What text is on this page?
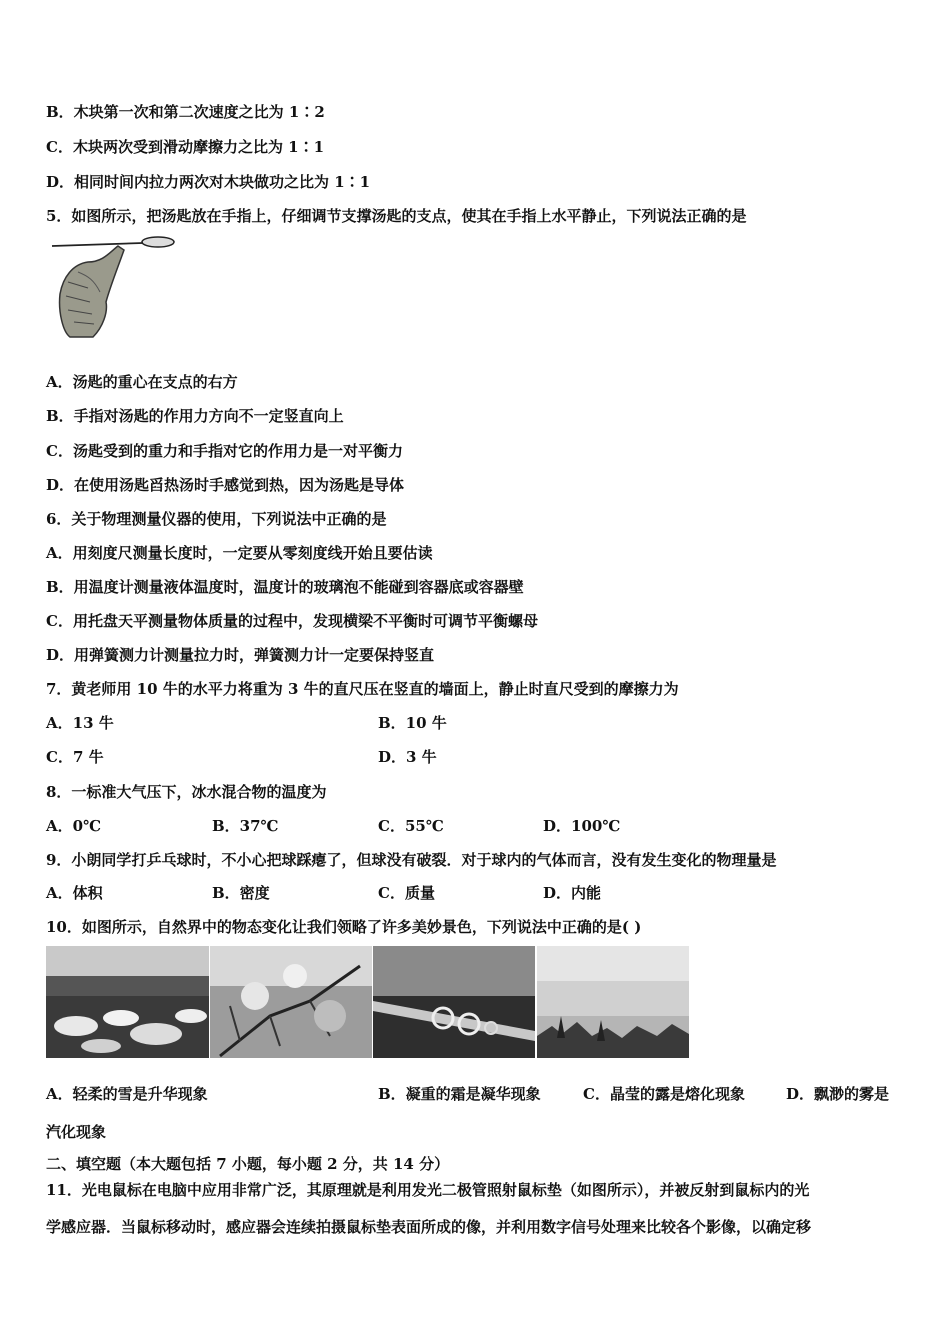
B．木块第一次和第二次速度之比为 1∶2
C．木块两次受到滑动摩擦力之比为 1∶1
D．相同时间内拉力两次对木块做功之比为 1∶1
5．如图所示，把汤匙放在手指上，仔细调节支撑汤匙的支点，使其在手指上水平静止，下列说法正确的是
A．汤匙的重心在支点的右方
B．手指对汤匙的作用力方向不一定竖直向上
C．汤匙受到的重力和手指对它的作用力是一对平衡力
D．在使用汤匙舀热汤时手感觉到热，因为汤匙是导体
6．关于物理测量仪器的使用，下列说法中正确的是
A．用刻度尺测量长度时，一定要从零刻度线开始且要估读
B．用温度计测量液体温度时，温度计的玻璃泡不能碰到容器底或容器壁
C．用托盘天平测量物体质量的过程中，发现横梁不平衡时可调节平衡螺母
D．用弹簧测力计测量拉力时，弹簧测力计一定要保持竖直
7．黄老师用 10 牛的水平力将重为 3 牛的直尺压在竖直的墙面上，静止时直尺受到的摩擦力为
A．13 牛	B．10 牛
C．7 牛	D．3 牛
8．一标准大气压下，冰水混合物的温度为
A．0℃	B．37℃	C．55℃	D．100℃
9．小朗同学打乒乓球时，不小心把球踩瘪了，但球没有破裂．对于球内的气体而言，没有发生变化的物理量是
A．体积	B．密度	C．质量	D．内能
10．如图所示，自然界中的物态变化让我们领略了许多美妙景色，下列说法中正确的是( )
A．轻柔的雪是升华现象	B．凝重的霜是凝华现象	C．晶莹的露是熔化现象	D．飘渺的雾是
汽化现象
二、填空题（本大题包括 7 小题，每小题 2 分，共 14 分）
11．光电鼠标在电脑中应用非常广泛，其原理就是利用发光二极管照射鼠标垫（如图所示），并被反射到鼠标内的光
学感应器．当鼠标移动时，感应器会连续拍摄鼠标垫表面所成的像，并利用数字信号处理来比较各个影像，以确定移
